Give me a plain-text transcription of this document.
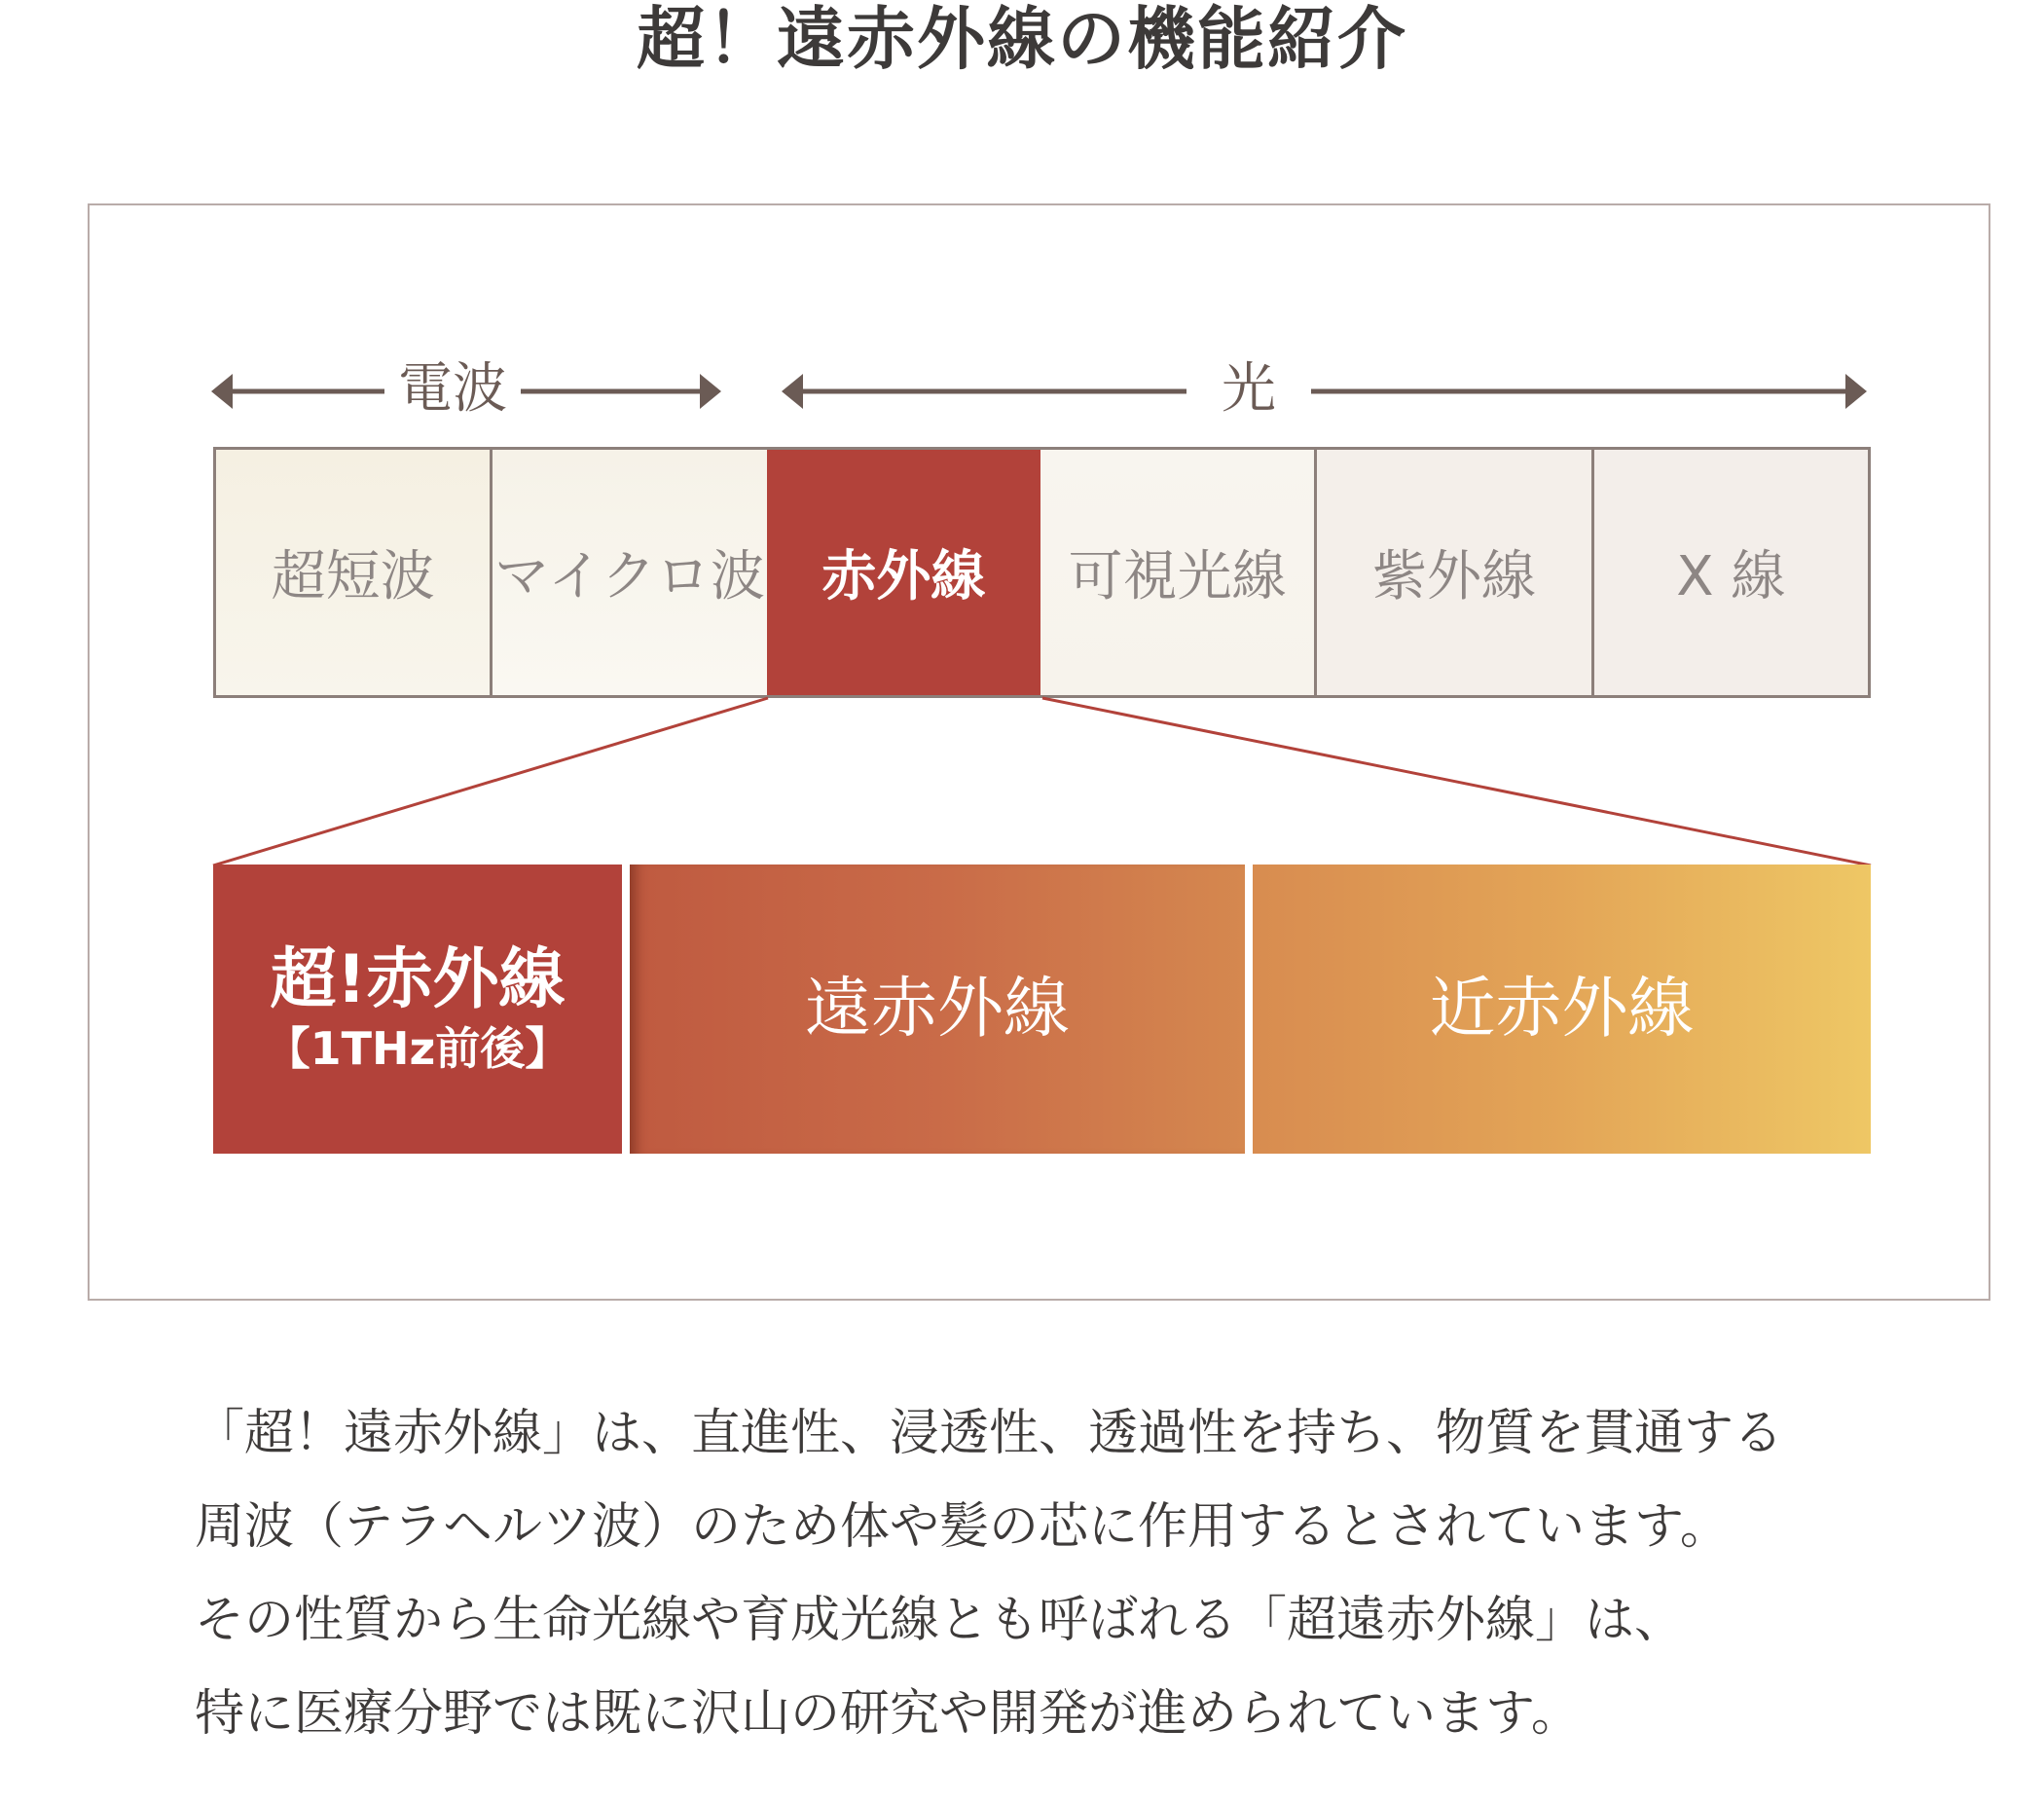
超！遠赤外線の機能紹介
電波	光
超短波	マイクロ波	赤外線	可視光線	紫外線	X 線
超!赤外線
【1THz前後】
遠赤外線	近赤外線

「超！遠赤外線」は、直進性、浸透性、透過性を持ち、物質を貫通する

周波（テラヘルツ波）のため体や髪の芯に作用するとされています。

その性質から生命光線や育成光線とも呼ばれる「超遠赤外線」は、

特に医療分野では既に沢山の研究や開発が進められています。
